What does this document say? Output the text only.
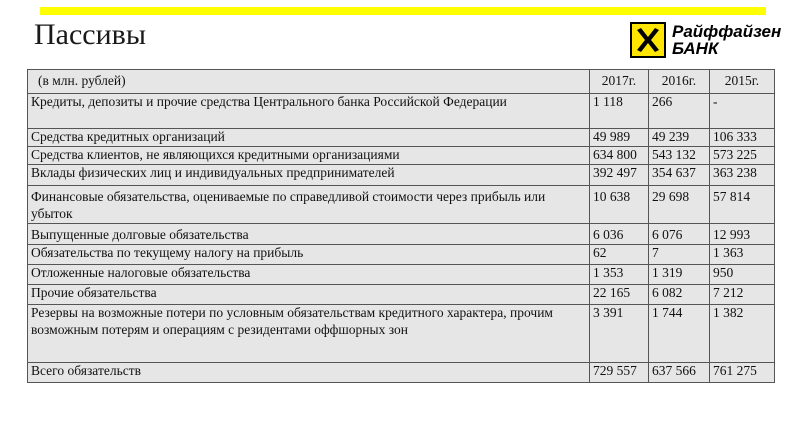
Пассивы	Райффайзен
БАНК
(в млн. рублей)	2017г.	2016г.	2015г.
Кредиты, депозиты и прочие средства Центрального банка Российской Федерации	1 118	266	-
Средства кредитных организаций	49 989	49 239	106 333
Средства клиентов, не являющихся кредитными организациями	634 800	543 132	573 225
Вклады физических лиц и индивидуальных предпринимателей	392 497	354 637	363 238
Финансовые обязательства, оцениваемые по справедливой стоимости через прибыль или убыток	10 638	29 698	57 814
Выпущенные долговые обязательства	6 036	6 076	12 993
Обязательства по текущему налогу на прибыль	62	7	1 363
Отложенные налоговые обязательства	1 353	1 319	950
Прочие обязательства	22 165	6 082	7 212
Резервы на возможные потери по условным обязательствам кредитного характера, прочим возможным потерям и операциям с резидентами оффшорных зон	3 391	1 744	1 382
Всего обязательств	729 557	637 566	761 275
